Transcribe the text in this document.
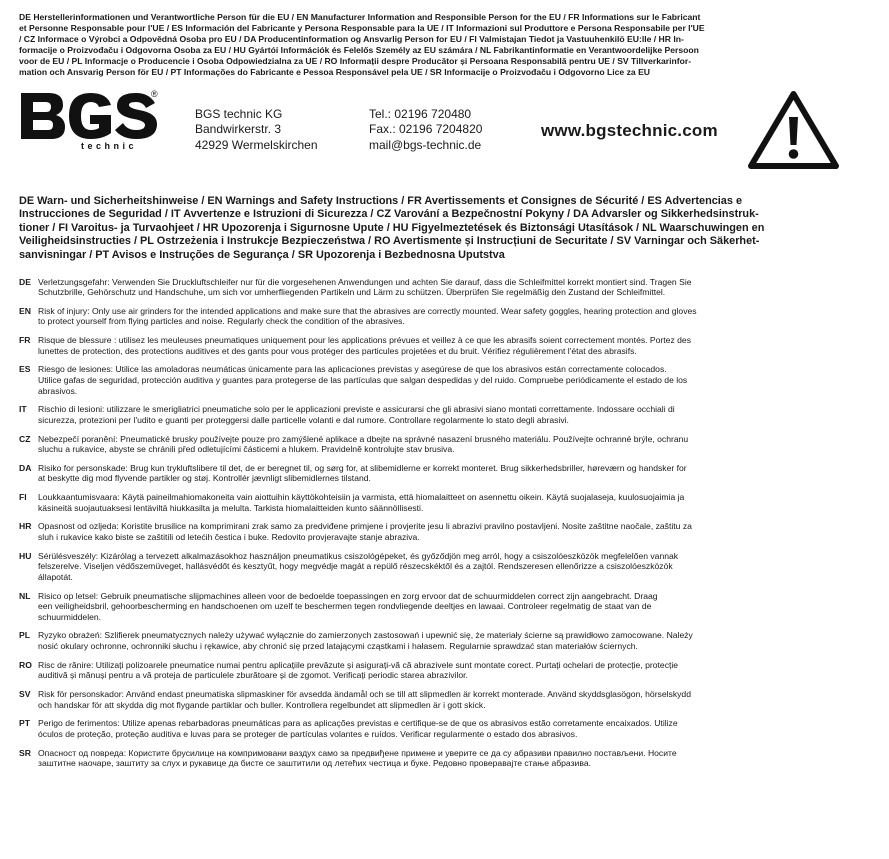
DE Herstellerinformationen und Verantwortliche Person für die EU / EN Manufacturer Information and Responsible Person for the EU / FR Informations sur le Fabricant
et Personne Responsable pour l'UE / ES Información del Fabricante y Persona Responsable para la UE / IT Informazioni sul Produttore e Persona Responsabile per l'UE
/ CZ Informace o Výrobci a Odpovědná Osoba pro EU / DA Producentinformation og Ansvarlig Person for EU / FI Valmistajan Tiedot ja Vastuuhenkilö EU:lle / HR In-
formacije o Proizvođaču i Odgovorna Osoba za EU / HU Gyártói Információk és Felelős Személy az EU számára / NL Fabrikantinformatie en Verantwoordelijke Persoon
voor de EU / PL Informacje o Producencie i Osoba Odpowiedzialna za UE / RO Informații despre Producător și Persoana Responsabilă pentru UE / SV Tillverkarinfor-
mation och Ansvarig Person för EU / PT Informações do Fabricante e Pessoa Responsável pela UE / SR Informacije o Proizvođaču i Odgovorno Lice za EU
technic
®
BGS technic KG
Bandwirkerstr. 3
42929 Wermelskirchen
Tel.: 02196 720480
Fax.: 02196 7204820
mail@bgs-technic.de
www.bgstechnic.com
DE Warn- und Sicherheitshinweise / EN Warnings and Safety Instructions / FR Avertissements et Consignes de Sécurité / ES Advertencias e
Instrucciones de Seguridad / IT Avvertenze e Istruzioni di Sicurezza / CZ Varování a Bezpečnostní Pokyny / DA Advarsler og Sikkerhedsinstruk-
tioner / FI Varoitus- ja Turvaohjeet / HR Upozorenja i Sigurnosne Upute / HU Figyelmeztetések és Biztonsági Utasítások / NL Waarschuwingen en
Veiligheidsinstructies / PL Ostrzeżenia i Instrukcje Bezpieczeństwa / RO Avertismente și Instrucțiuni de Securitate / SV Varningar och Säkerhet-
sanvisningar / PT Avisos e Instruções de Segurança / SR Upozorenja i Bezbednosna Uputstva
DE Verletzungsgefahr: Verwenden Sie Druckluftschleifer nur für die vorgesehenen Anwendungen und achten Sie darauf, dass die Schleifmittel korrekt montiert sind. Tragen Sie
Schutzbrille, Gehörschutz und Handschuhe, um sich vor umherfliegenden Partikeln und Lärm zu schützen. Überprüfen Sie regelmäßig den Zustand der Schleifmittel.
EN Risk of injury: Only use air grinders for the intended applications and make sure that the abrasives are correctly mounted. Wear safety goggles, hearing protection and gloves
to protect yourself from flying particles and noise. Regularly check the condition of the abrasives.
FR Risque de blessure : utilisez les meuleuses pneumatiques uniquement pour les applications prévues et veillez à ce que les abrasifs soient correctement montés. Portez des
lunettes de protection, des protections auditives et des gants pour vous protéger des particules projetées et du bruit. Vérifiez régulièrement l'état des abrasifs.
ES Riesgo de lesiones: Utilice las amoladoras neumáticas únicamente para las aplicaciones previstas y asegúrese de que los abrasivos están correctamente colocados.
Utilice gafas de seguridad, protección auditiva y guantes para protegerse de las partículas que salgan despedidas y del ruido. Compruebe periódicamente el estado de los
abrasivos.
IT	Rischio di lesioni: utilizzare le smerigliatrici pneumatiche solo per le applicazioni previste e assicurarsi che gli abrasivi siano montati correttamente. Indossare occhiali di
sicurezza, protezioni per l'udito e guanti per proteggersi dalle particelle volanti e dal rumore. Controllare regolarmente lo stato degli abrasivi.
CZ Nebezpečí poranění: Pneumatické brusky používejte pouze pro zamýšlené aplikace a dbejte na správné nasazení brusného materiálu. Používejte ochranné brýle, ochranu
sluchu a rukavice, abyste se chránili před odletujícími částicemi a hlukem. Pravidelně kontrolujte stav brusiva.
DA Risiko for personskade: Brug kun trykluftslibere til det, de er beregnet til, og sørg for, at slibemidlerne er korrekt monteret. Brug sikkerhedsbriller, høreværn og handsker for
at beskytte dig mod flyvende partikler og støj. Kontrollér jævnligt slibemidlernes tilstand.
FI	Loukkaantumisvaara: Käytä paineilmahiomakoneita vain aiottuihin käyttökohteisiin ja varmista, että hiomalaitteet on asennettu oikein. Käytä suojalaseja, kuulosuojaimia ja
käsineitä suojautuaksesi lentäviltä hiukkasilta ja melulta. Tarkista hiomalaitteiden kunto säännöllisesti.
HR Opasnost od ozljeda: Koristite brusilice na komprimirani zrak samo za predviđene primjene i provjerite jesu li abrazivi pravilno postavljeni. Nosite zaštitne naočale, zaštitu za
sluh i rukavice kako biste se zaštitili od letećih čestica i buke. Redovito provjeravajte stanje abraziva.
HU Sérülésveszély: Kizárólag a tervezett alkalmazásokhoz használjon pneumatikus csiszológépeket, és győződjön meg arról, hogy a csiszolóeszközök megfelelően vannak
felszerelve. Viseljen védőszemüveget, hallásvédőt és kesztyűt, hogy megvédje magát a repülő részecskéktől és a zajtól. Rendszeresen ellenőrizze a csiszolóeszközök
állapotát.
NL Risico op letsel: Gebruik pneumatische slijpmachines alleen voor de bedoelde toepassingen en zorg ervoor dat de schuurmiddelen correct zijn aangebracht. Draag
een veiligheidsbril, gehoorbescherming en handschoenen om uzelf te beschermen tegen rondvliegende deeltjes en lawaai. Controleer regelmatig de staat van de
schuurmiddelen.
PL Ryzyko obrażeń: Szlifierek pneumatycznych należy używać wyłącznie do zamierzonych zastosowań i upewnić się, że materiały ścierne są prawidłowo zamocowane. Należy
nosić okulary ochronne, ochronniki słuchu i rękawice, aby chronić się przed latającymi cząstkami i hałasem. Regularnie sprawdzać stan materiałów ściernych.
RO Risc de rănire: Utilizați polizoarele pneumatice numai pentru aplicațiile prevăzute și asigurați-vă că abrazivele sunt montate corect. Purtați ochelari de protecție, protecție
auditivă și mănuși pentru a vă proteja de particulele zburătoare și de zgomot. Verificați periodic starea abrazivilor.
SV Risk för personskador: Använd endast pneumatiska slipmaskiner för avsedda ändamål och se till att slipmedlen är korrekt monterade. Använd skyddsglasögon, hörselskydd
och handskar för att skydda dig mot flygande partiklar och buller. Kontrollera regelbundet att slipmedlen är i gott skick.
PT Perigo de ferimentos: Utilize apenas rebarbadoras pneumáticas para as aplicações previstas e certifique-se de que os abrasivos estão corretamente encaixados. Utilize
óculos de proteção, proteção auditiva e luvas para se proteger de partículas volantes e ruídos. Verificar regularmente o estado dos abrasivos.
SR Опасност од повреда: Користите брусилице на компримовани ваздух само за предвиђене примене и уверите се да су абразиви правилно постављени. Носите
заштитне наочаре, заштиту за слух и рукавице да бисте се заштитили од летећих честица и буке. Редовно проверавајте стање абразива.
